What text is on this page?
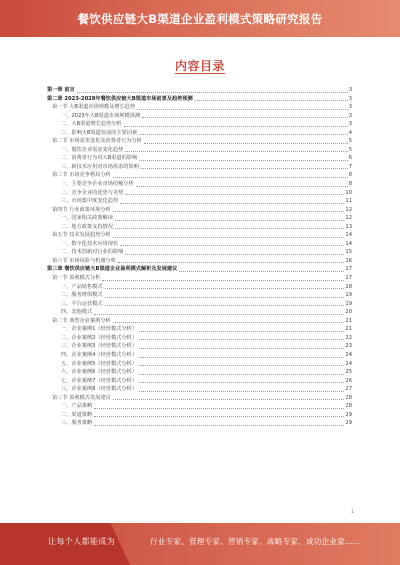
餐饮供应链大B渠道企业盈利模式策略研究报告
内容目录
第一章 前言	3
第二章 2023-2028年餐饮供应链大B渠道市场前景及趋势预测	3
第一节 大B渠道市场规模及增长趋势	3
一、2023年大B渠道市场规模预测	3
二、大B渠道增长趋势分析	3
三、影响大B渠道发展的主要因素	4
第二节 市场需求变化及消费者行为分析	5
一、餐饮企业需求变化趋势	5
二、消费者行为对大B渠道的影响	6
三、新技术应用对市场需求的影响	7
第三节 市场竞争格局分析	8
一、主要竞争企业市场份额分析	8
二、竞争企业的优势与劣势	10
三、市场集中度变化趋势	11
第四节 行业政策环境分析	12
一、国家相关政策解读	12
二、地方政策支持情况	13
第五节 技术发展趋势分析	14
一、数字化技术应用现状	14
二、技术创新对行业的影响	15
第六节 市场风险与机遇分析	16
第三章 餐饮供应链大B渠道企业盈利模式解析及发展建议	17
第一节 盈利模式分析	17
一、产品销售模式	18
二、服务增值模式	19
三、平台运营模式	19
四、其他模式	20
第二节 典型企业案例分析	21
一、企业案例1（经营模式分析）	21
二、企业案例2（经营模式分析）	22
三、企业案例3（经营模式分析）	23
四、企业案例4（经营模式分析）	24
五、企业案例5（经营模式分析）	24
六、企业案例6（经营模式分析）	25
七、企业案例7（经营模式分析）	26
八、企业案例8（经营模式分析）	27
第三节 盈利模式发展建议	28
一、产品策略	28
二、渠道策略	29
三、服务策略	29
1
让每个人都能成为	行业专家、管理专家、营销专家、战略专家、成功企业家……
